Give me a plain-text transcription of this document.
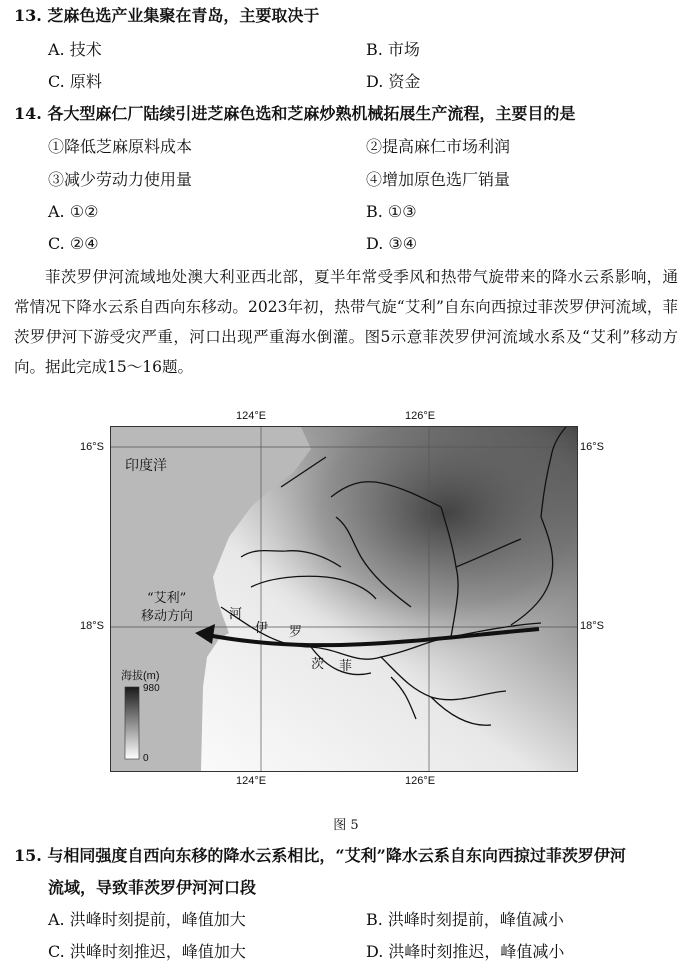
13. 芝麻色选产业集聚在青岛，主要取决于
A. 技术	B. 市场
C. 原料	D. 资金
14. 各大型麻仁厂陆续引进芝麻色选和芝麻炒熟机械拓展生产流程，主要目的是
①降低芝麻原料成本	②提高麻仁市场利润
③减少劳动力使用量	④增加原色选厂销量
A. ①②	B. ①③
C. ②④	D. ③④
菲茨罗伊河流域地处澳大利亚西北部，夏半年常受季风和热带气旋带来的降水云系影响，通常情况下降水云系自西向东移动。2023年初，热带气旋“艾利”自东向西掠过菲茨罗伊河流域，菲茨罗伊河下游受灾严重，河口出现严重海水倒灌。图5示意菲茨罗伊河流域水系及“艾利”移动方向。据此完成15～16题。
124°E	126°E
124°E	126°E
16°S
18°S
16°S
18°S
印度洋
“艾利”
移动方向	河
伊 罗
茨 菲
海拔(m)
980
0
图 5
15. 与相同强度自西向东移的降水云系相比，“艾利”降水云系自东向西掠过菲茨罗伊河
流域，导致菲茨罗伊河河口段
A. 洪峰时刻提前，峰值加大	B. 洪峰时刻提前，峰值减小
C. 洪峰时刻推迟，峰值加大	D. 洪峰时刻推迟，峰值减小
